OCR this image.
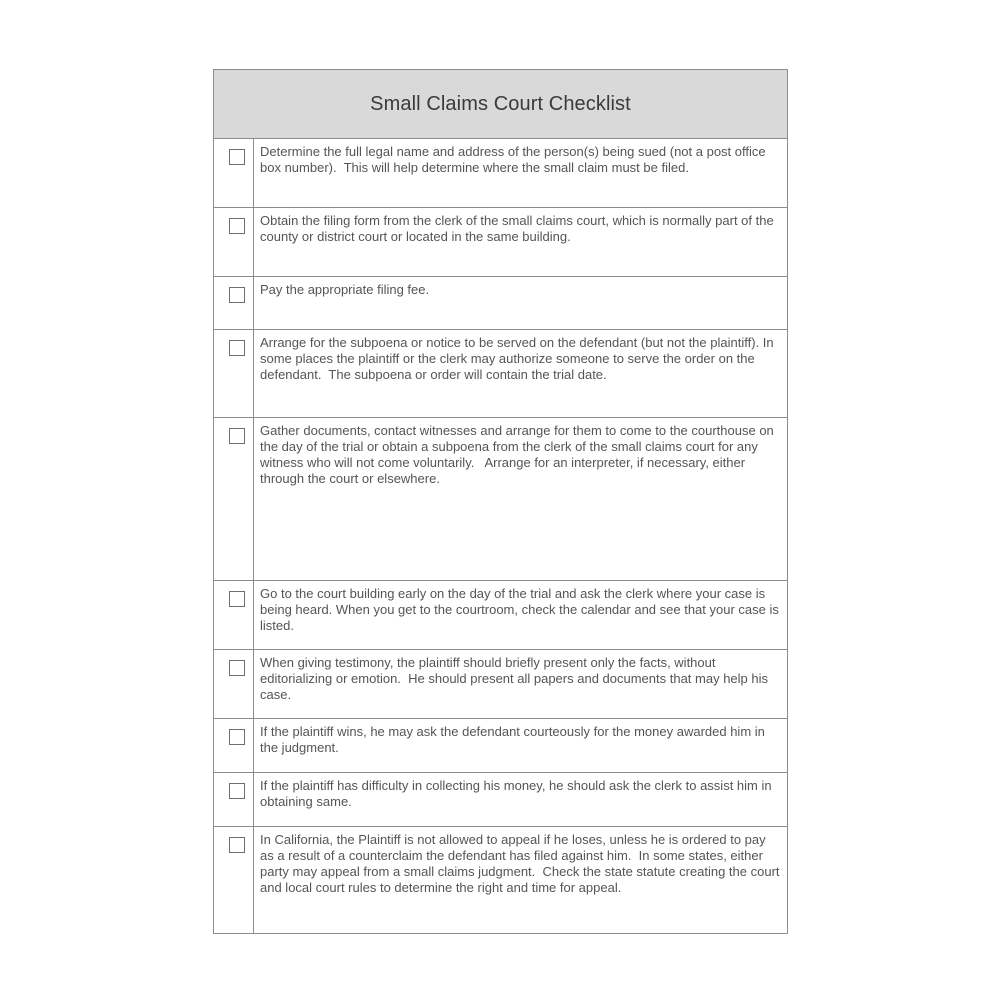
Small Claims Court Checklist

Determine the full legal name and address of the person(s) being sued (not a post office box number).  This will help determine where the small claim must be filed.

Obtain the filing form from the clerk of the small claims court, which is normally part of the county or district court or located in the same building.

Pay the appropriate filing fee.

Arrange for the subpoena or notice to be served on the defendant (but not the plaintiff). In some places the plaintiff or the clerk may authorize someone to serve the order on the defendant.  The subpoena or order will contain the trial date.

Gather documents, contact witnesses and arrange for them to come to the courthouse on the day of the trial or obtain a subpoena from the clerk of the small claims court for any witness who will not come voluntarily.   Arrange for an interpreter, if necessary, either through the court or elsewhere.

Go to the court building early on the day of the trial and ask the clerk where your case is being heard. When you get to the courtroom, check the calendar and see that your case is listed.

When giving testimony, the plaintiff should briefly present only the facts, without editorializing or emotion.  He should present all papers and documents that may help his case.

If the plaintiff wins, he may ask the defendant courteously for the money awarded him in the judgment.

If the plaintiff has difficulty in collecting his money, he should ask the clerk to assist him in obtaining same.

In California, the Plaintiff is not allowed to appeal if he loses, unless he is ordered to pay as a result of a counterclaim the defendant has filed against him.  In some states, either party may appeal from a small claims judgment.  Check the state statute creating the court and local court rules to determine the right and time for appeal.
